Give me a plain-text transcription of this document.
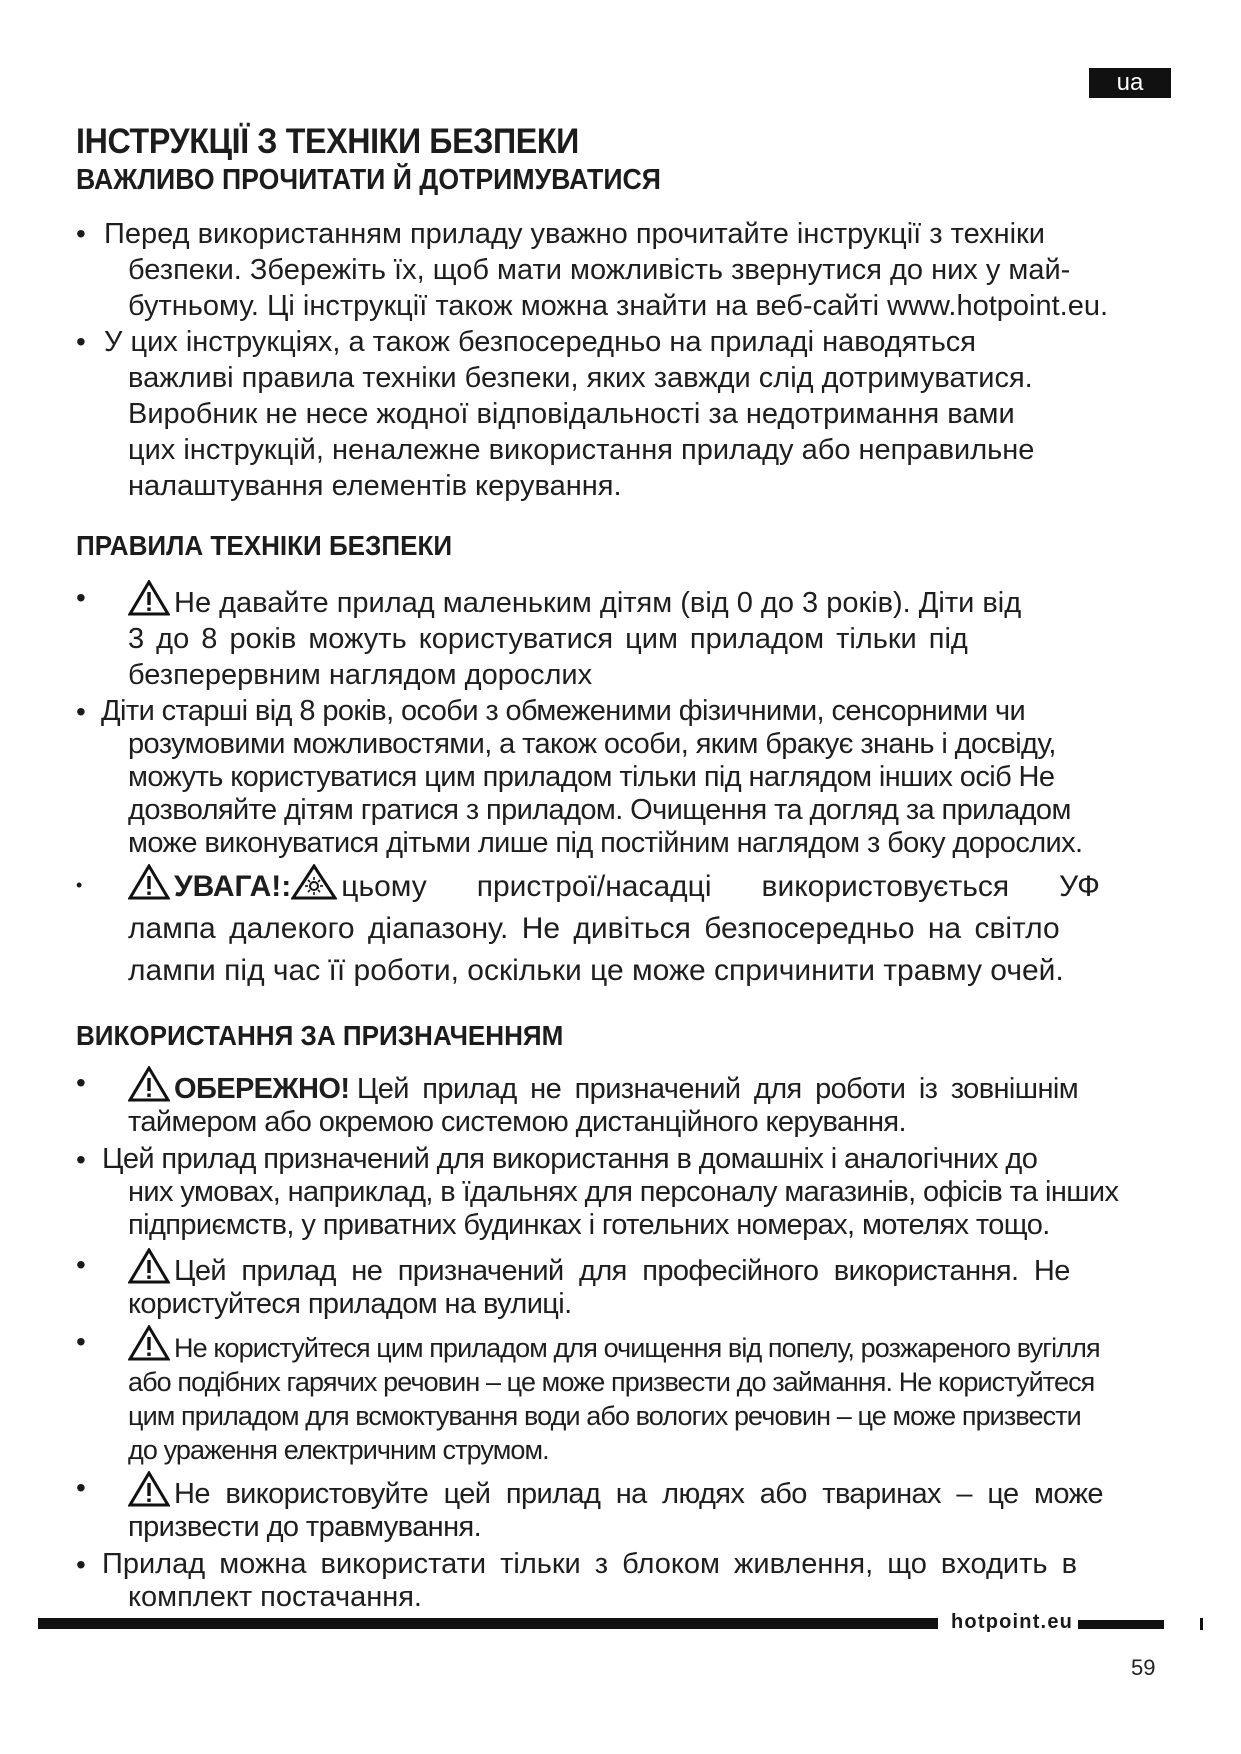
ua
ІНСТРУКЦІЇ З ТЕХНІКИ БЕЗПЕКИ
ВАЖЛИВО ПРОЧИТАТИ Й ДОТРИМУВАТИСЯ
• Перед використанням приладу уважно прочитайте інструкції з техніки
безпеки. Збережіть їх, щоб мати можливість звернутися до них у май-
бутньому. Ці інструкції також можна знайти на веб-сайті www.hotpoint.eu.
• У цих інструкціях, а також безпосередньо на приладі наводяться
важливі правила техніки безпеки, яких завжди слід дотримуватися.
Виробник не несе жодної відповідальності за недотримання вами
цих інструкцій, неналежне використання приладу або неправильне
налаштування елементів керування.
ПРАВИЛА ТЕХНІКИ БЕЗПЕКИ
•	Не давайте прилад маленьким дітям (від 0 до 3 років). Діти від
3 до 8 років можуть користуватися цим приладом тільки під
безперервним наглядом дорослих
• Діти старші від 8 років, особи з обмеженими фізичними, сенсорними чи
розумовими можливостями, а також особи, яким бракує знань і досвіду,
можуть користуватися цим приладом тільки під наглядом інших осіб Не
дозволяйте дітям гратися з приладом. Очищення та догляд за приладом
може виконуватися дітьми лише під постійним наглядом з боку дорослих.
•	УВАГА!: цьому      пристрої/насадці      використовується      УФ
лампа далекого діапазону. Не дивіться безпосередньо на світло
лампи під час її роботи, оскільки це може спричинити травму очей.
ВИКОРИСТАННЯ ЗА ПРИЗНАЧЕННЯМ
•	ОБЕРЕЖНО! Цей прилад не призначений для роботи із зовнішнім
таймером або окремою системою дистанційного керування.
• Цей прилад призначений для використання в домашніх і аналогічних до
них умовах, наприклад, в їдальнях для персоналу магазинів, офісів та інших
підприємств, у приватних будинках і готельних номерах, мотелях тощо.
•	Цей прилад не призначений для професійного використання. Не
користуйтеся приладом на вулиці.
•	Не користуйтеся цим приладом для очищення від попелу, розжареного вугілля
або подібних гарячих речовин – це може призвести до займання. Не користуйтеся
цим приладом для всмоктування води або вологих речовин – це може призвести
до ураження електричним струмом.
•	Не використовуйте цей прилад на людях або тваринах – це може
призвести до травмування.
• Прилад можна використати тільки з блоком живлення, що входить в
комплект постачання.
hotpoint.eu
59
